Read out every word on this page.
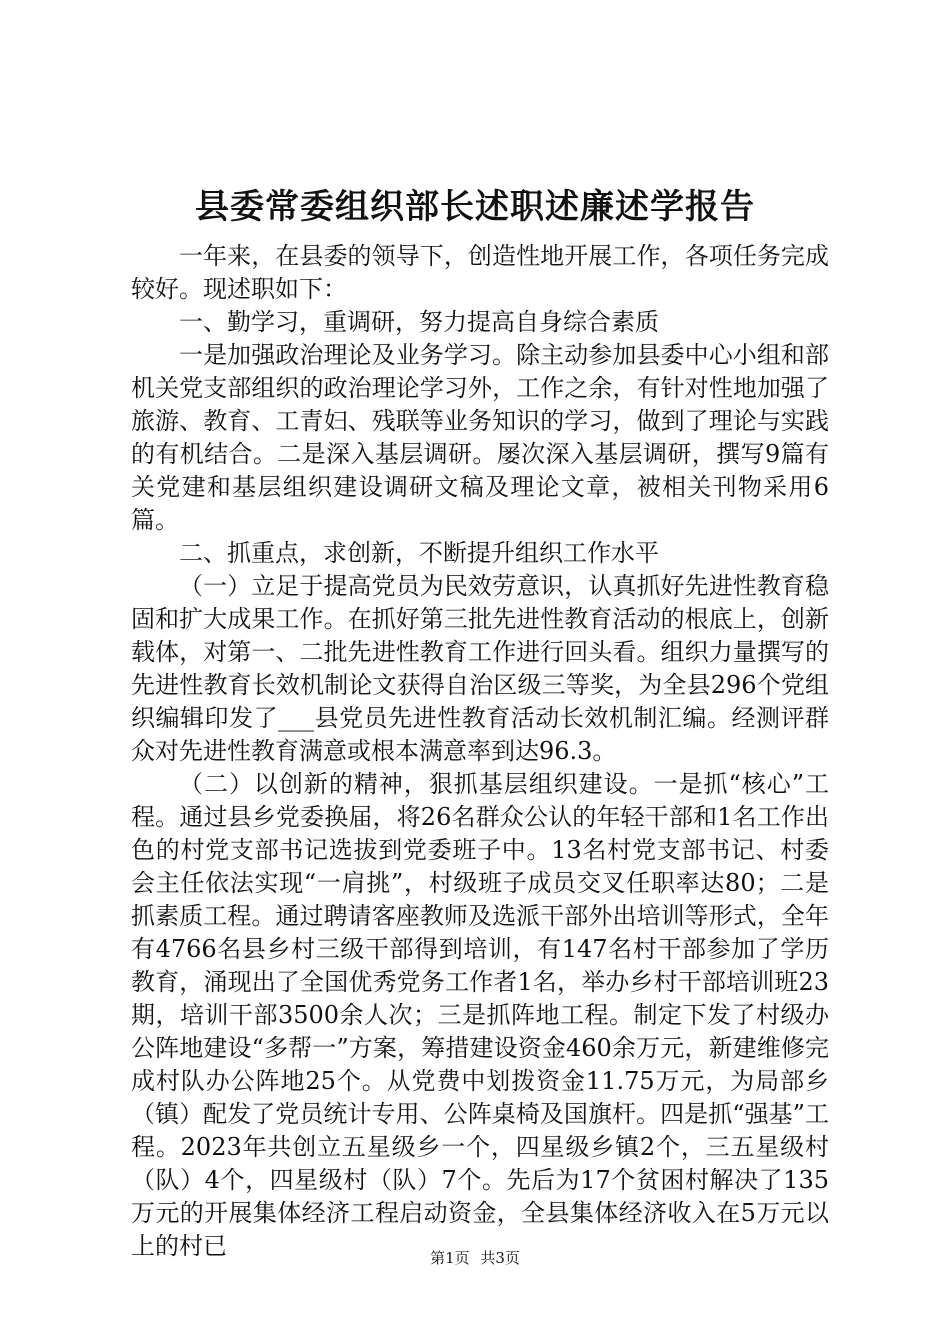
县委常委组织部长述职述廉述学报告

一年来，在县委的领导下，创造性地开展工作，各项任务完成较好。现述职如下：

一、勤学习，重调研，努力提高自身综合素质

一是加强政治理论及业务学习。除主动参加县委中心小组和部机关党支部组织的政治理论学习外，工作之余，有针对性地加强了旅游、教育、工青妇、残联等业务知识的学习，做到了理论与实践的有机结合。二是深入基层调研。屡次深入基层调研，撰写9篇有关党建和基层组织建设调研文稿及理论文章，被相关刊物采用6篇。

二、抓重点，求创新，不断提升组织工作水平

（一）立足于提高党员为民效劳意识，认真抓好先进性教育稳固和扩大成果工作。在抓好第三批先进性教育活动的根底上，创新载体，对第一、二批先进性教育工作进行回头看。组织力量撰写的先进性教育长效机制论文获得自治区级三等奖，为全县296个党组织编辑印发了___县党员先进性教育活动长效机制汇编。经测评群众对先进性教育满意或根本满意率到达96.3。

（二）以创新的精神，狠抓基层组织建设。一是抓“核心”工程。通过县乡党委换届，将26名群众公认的年轻干部和1名工作出色的村党支部书记选拔到党委班子中。13名村党支部书记、村委会主任依法实现“一肩挑”，村级班子成员交叉任职率达80；二是抓素质工程。通过聘请客座教师及选派干部外出培训等形式，全年有4766名县乡村三级干部得到培训，有147名村干部参加了学历教育，涌现出了全国优秀党务工作者1名，举办乡村干部培训班23期，培训干部3500余人次；三是抓阵地工程。制定下发了村级办公阵地建设“多帮一”方案，筹措建设资金460余万元，新建维修完成村队办公阵地25个。从党费中划拨资金11.75万元，为局部乡（镇）配发了党员统计专用、公阵桌椅及国旗杆。四是抓“强基”工程。2023年共创立五星级乡一个，四星级乡镇2个，三五星级村（队）4个，四星级村（队）7个。先后为17个贫困村解决了135万元的开展集体经济工程启动资金，全县集体经济收入在5万元以上的村已	第1页 共3页
